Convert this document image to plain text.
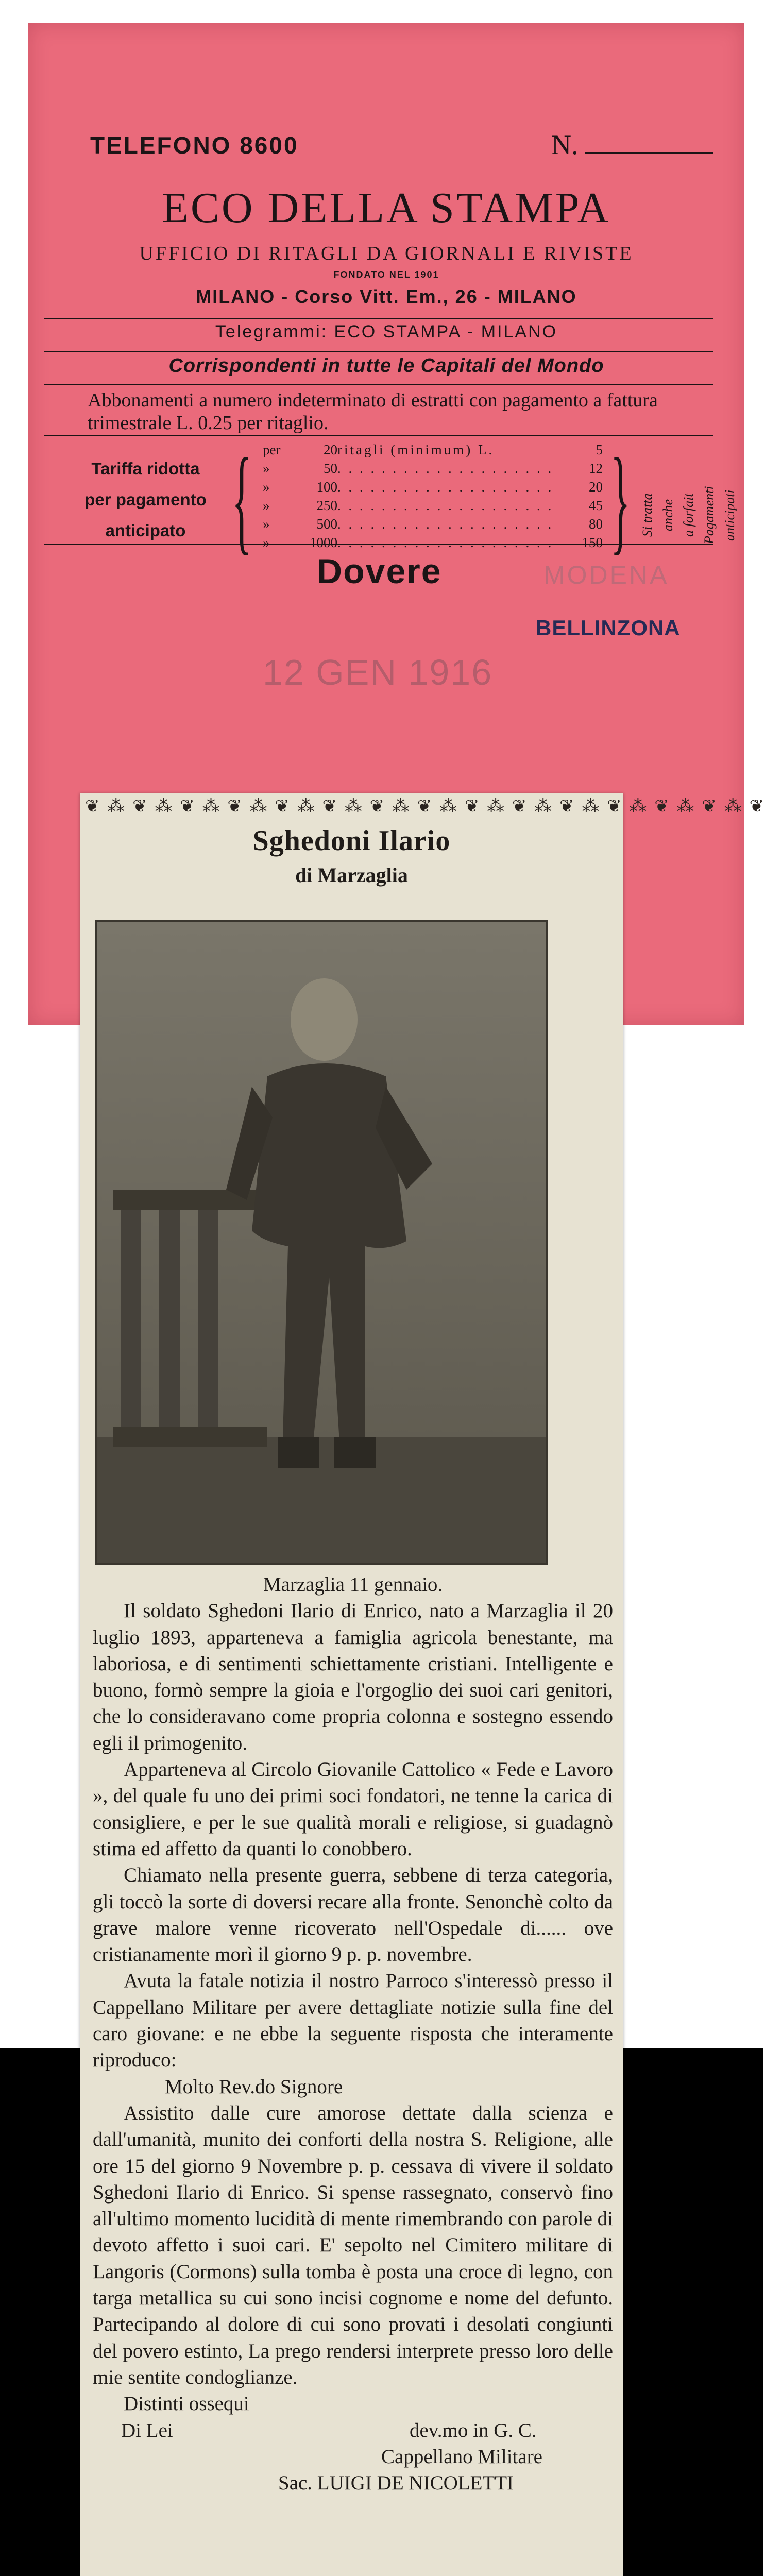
TELEFONO 8600	N.
ECO DELLA STAMPA
UFFICIO DI RITAGLI DA GIORNALI E RIVISTE
FONDATO NEL 1901
MILANO - Corso Vitt. Em., 26 - MILANO
Telegrammi: ECO STAMPA - MILANO
Corrispondenti in tutte le Capitali del Mondo
Abbonamenti a numero indeterminato di estratti con pagamento a fattura trimestrale L. 0.25 per ritaglio.
Tariffa ridotta
per pagamento
anticipato { per	20 ritagli (minimum) L.	5
»	50 . . . . . . . . . . . . . . . . . . . .	12
»	100 . . . . . . . . . . . . . . . . . . . .	20
»	250 . . . . . . . . . . . . . . . . . . . .	45
»	500 . . . . . . . . . . . . . . . . . . . .	80
»	1000 . . . . . . . . . . . . . . . . . . . .	150 } Si tratta anche a forfait Pagamenti anticipati
Dovere	MODENA
BELLINZONA
12 GEN 1916
❦ ⁂ ❦ ⁂ ❦ ⁂ ❦ ⁂ ❦ ⁂ ❦ ⁂ ❦ ⁂ ❦ ⁂ ❦ ⁂ ❦ ⁂ ❦ ⁂ ❦ ⁂ ❦ ⁂ ❦ ⁂ ❦
Sghedoni Ilario
di Marzaglia

Marzaglia 11 gennaio.

Il soldato Sghedoni Ilario di Enrico, nato a Marzaglia il 20 luglio 1893, apparteneva a famiglia agricola benestante, ma laboriosa, e di sentimenti schiettamente cristiani. Intelligente e buono, formò sempre la gioia e l'orgoglio dei suoi cari genitori, che lo consideravano come propria colonna e sostegno essendo egli il primogenito.

Apparteneva al Circolo Giovanile Cattolico « Fede e Lavoro », del quale fu uno dei primi soci fondatori, ne tenne la carica di consigliere, e per le sue qualità morali e religiose, si guadagnò stima ed affetto da quanti lo conobbero.

Chiamato nella presente guerra, sebbene di terza categoria, gli toccò la sorte di doversi recare alla fronte. Senonchè colto da grave malore venne ricoverato nell'Ospedale di...... ove cristianamente morì il giorno 9 p. p. novembre.

Avuta la fatale notizia il nostro Parroco s'interessò presso il Cappellano Militare per avere dettagliate notizie sulla fine del caro giovane: e ne ebbe la seguente risposta che interamente riproduco:

Molto Rev.do Signore

Assistito dalle cure amorose dettate dalla scienza e dall'umanità, munito dei conforti della nostra S. Religione, alle ore 15 del giorno 9 Novembre p. p. cessava di vivere il soldato Sghedoni Ilario di Enrico. Si spense rassegnato, conservò fino all'ultimo momento lucidità di mente rimembrando con parole di devoto affetto i suoi cari. E' sepolto nel Cimitero militare di Langoris (Cormons) sulla tomba è posta una croce di legno, con targa metallica su cui sono incisi cognome e nome del defunto. Partecipando al dolore di cui sono provati i desolati congiunti del povero estinto, La prego rendersi interprete presso loro delle mie sentite condoglianze.

Distinti ossequi

Di Lei	dev.mo in G. C.

Cappellano Militare

Sac. LUIGI DE NICOLETTI
